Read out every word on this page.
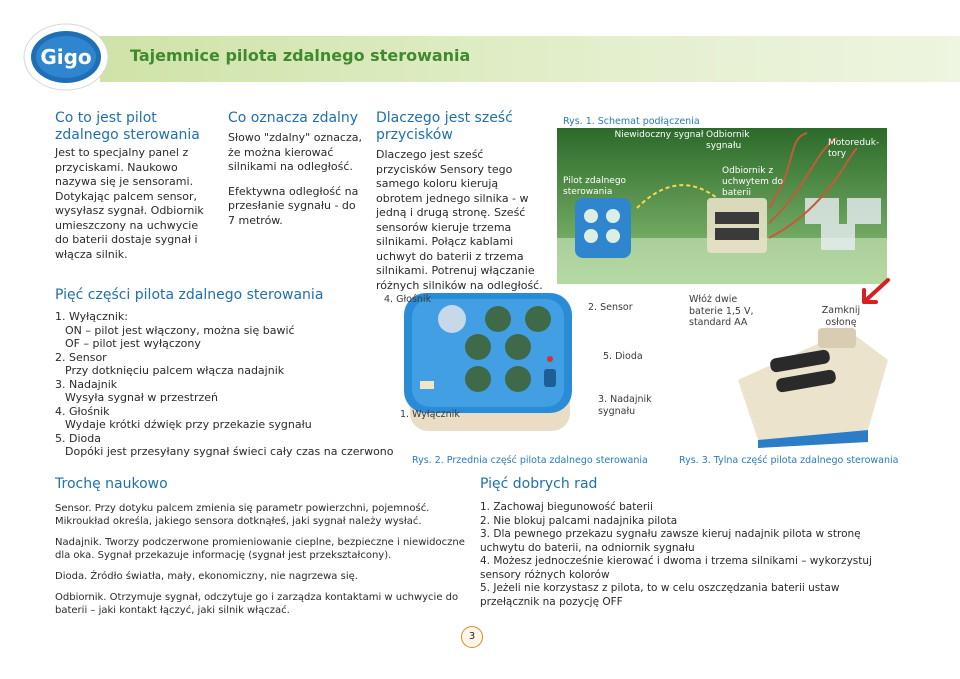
Gigo Tajemnice pilota zdalnego sterowania

Co to jest pilot

zdalnego sterowania

Jest to specjalny panel z przyciskami. Naukowo nazywa się je sensorami. Dotykając palcem sensor, wysyłasz sygnał. Odbiornik umieszczony na uchwycie do baterii dostaje sygnał i włącza silnik.

Co oznacza zdalny

Słowo "zdalny" oznacza, że można kierować silnikami na odległość.

Efektywna odległość na przesłanie sygnału - do 7 metrów.

Dlaczego jest sześć

przycisków

Dlaczego jest sześć przycisków Sensory tego samego koloru kierują obrotem jednego silnika - w jedną i drugą stronę. Sześć sensorów kieruje trzema silnikami. Połącz kablami uchwyt do baterii z trzema silnikami. Potrenuj włączanie różnych silników na odległość.

Rys. 1. Schemat podłączenia
Niewidoczny sygnał Odbiornik sygnału	Motoreduk-tory
Pilot zdalnego sterowania
Odbiornik z uchwytem do baterii

Pięć części pilota zdalnego sterowania

1. Wyłącznik:
ON – pilot jest włączony, można się bawić
OF – pilot jest wyłączony
2. Sensor
Przy dotknięciu palcem włącza nadajnik
3. Nadajnik
Wysyła sygnał w przestrzeń
4. Głośnik
Wydaje krótki dźwięk przy przekazie sygnału
5. Dioda
Dopóki jest przesyłany sygnał świeci cały czas na czerwono
4. Głośnik
2. Sensor
5. Dioda
3. Nadajnik sygnału
1. Wyłącznik
Rys. 2. Przednia część pilota zdalnego sterowania
Włóż dwie baterie 1,5 V, standard AA
Zamknij osłonę
Rys. 3. Tylna część pilota zdalnego sterowania

Trochę naukowo

Sensor. Przy dotyku palcem zmienia się parametr powierzchni, pojemność. Mikroukład określa, jakiego sensora dotknąłeś, jaki sygnał należy wysłać.

Nadajnik. Tworzy podczerwone promieniowanie cieplne, bezpieczne i niewidoczne dla oka. Sygnał przekazuje informację (sygnał jest przekształcony).

Dioda. Źródło światła, mały, ekonomiczny, nie nagrzewa się.

Odbiornik. Otrzymuje sygnał, odczytuje go i zarządza kontaktami w uchwycie do baterii – jaki kontakt łączyć, jaki silnik włączać.

Pięć dobrych rad

1. Zachowaj biegunowość baterii

2. Nie blokuj palcami nadajnika pilota

3. Dla pewnego przekazu sygnału zawsze kieruj nadajnik pilota w stronę uchwytu do baterii, na odniornik sygnału

4. Możesz jednocześnie kierować i dwoma i trzema silnikami – wykorzystuj sensory różnych kolorów

5. Jeżeli nie korzystasz z pilota, to w celu oszczędzania baterii ustaw przełącznik na pozycję OFF

3
